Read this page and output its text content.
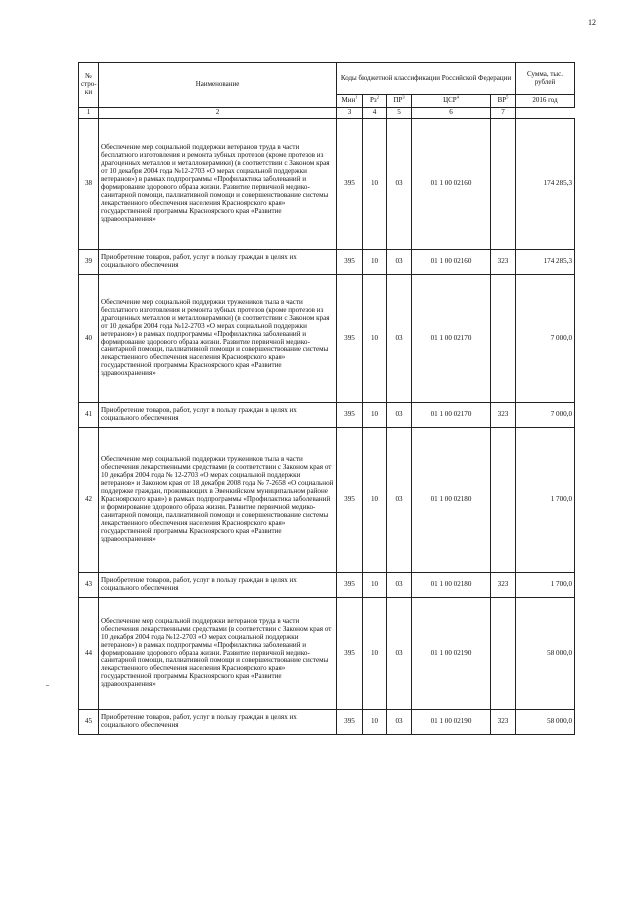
12
№ стро-ки	Наименование	Коды бюджетной классификации Российской Федерации					Сумма, тыс. рублей
		Мин$^1$	$Рз^2$	$ПР^3$	ЦСР$^4$	$ВР^5$	2016 год
1	2	3	4	5	6	7
38	Обеспечение мер социальной поддержки ветеранов труда в части бесплатного изготовления и ремонта зубных протезов (кроме протезов из драгоценных металлов и металлокерамики) (в соответствии с Законом края от 10 декабря 2004 года №12-2703 «О мерах социальной поддержки ветеранов») в рамках подпрограммы «Профилактика заболеваний и формирование здорового образа жизни. Развитие первичной медико-санитарной помощи, паллиативной помощи и совершенствование системы лекарственного обеспечения населения Красноярского края» государственной программы Красноярского края «Развитие здравоохранения»	395	10	03	01 1 00 02160		174 285,3
39	Приобретение товаров, работ, услуг в пользу граждан в целях их социального обеспечения	395	10	03	01 1 00 02160	323	174 285,3
40	Обеспечение мер социальной поддержки тружеников тыла в части бесплатного изготовления и ремонта зубных протезов (кроме протезов из драгоценных металлов и металлокерамики) (в соответствии с Законом края от 10 декабря 2004 года №12-2703 «О мерах социальной поддержки ветеранов») в рамках подпрограммы «Профилактика заболеваний и формирование здорового образа жизни. Развитие первичной медико-санитарной помощи, паллиативной помощи и совершенствование системы лекарственного обеспечения населения Красноярского края» государственной программы Красноярского края «Развитие здравоохранения»	395	10	03	01 1 00 02170		7 000,0
41	Приобретение товаров, работ, услуг в пользу граждан в целях их социального обеспечения	395	10	03	01 1 00 02170	323	7 000,0
42	Обеспечение мер социальной поддержки тружеников тыла в части обеспечения лекарственными средствами (в соответствии с Законом края от 10 декабря 2004 года № 12-2703 «О мерах социальной поддержки ветеранов» и Законом края от 18 декабря 2008 года № 7-2658 «О социальной поддержке граждан, проживающих в Эвенкийском муниципальном районе Красноярского края») в рамках подпрограммы «Профилактика заболеваний и формирование здорового образа жизни. Развитие первичной медико-санитарной помощи, паллиативной помощи и совершенствование системы лекарственного обеспечения населения Красноярского края» государственной программы Красноярского края «Развитие здравоохранения»	395	10	03	01 1 00 02180		1 700,0
43	Приобретение товаров, работ, услуг в пользу граждан в целях их социального обеспечения	395	10	03	01 1 00 02180	323	1 700,0
44	Обеспечение мер социальной поддержки ветеранов труда в части обеспечения лекарственными средствами (в соответствии с Законом края от 10 декабря 2004 года №12-2703 «О мерах социальной поддержки ветеранов») в рамках подпрограммы «Профилактика заболеваний и формирование здорового образа жизни. Развитие первичной медико-санитарной помощи, паллиативной помощи и совершенствование системы лекарственного обеспечения населения Красноярского края» государственной программы Красноярского края «Развитие здравоохранения»	395	10	03	01 1 00 02190		58 000,0
45	Приобретение товаров, работ, услуг в пользу граждан в целях их социального обеспечения	395	10	03	01 1 00 02190	323	58 000,0
